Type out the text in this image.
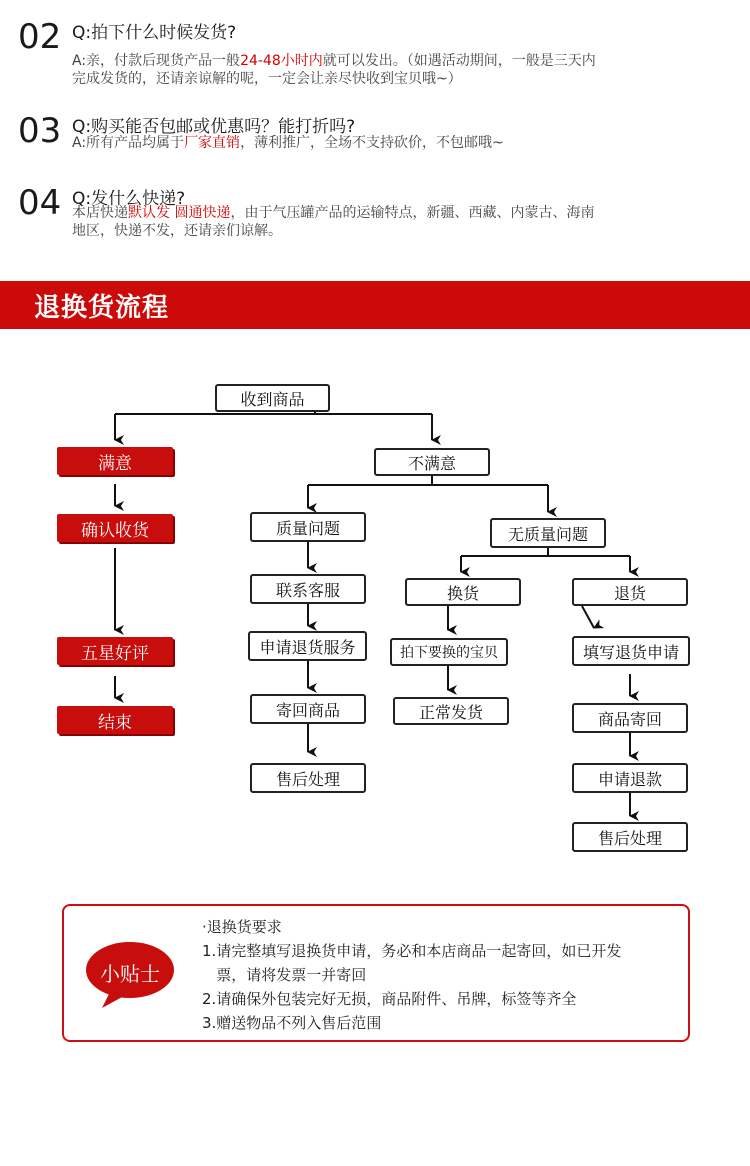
02 Q:拍下什么时候发货?
A:亲，付款后现货产品一般24-48小时内就可以发出。（如遇活动期间，一般是三天内
完成发货的，还请亲谅解的呢，一定会让亲尽快收到宝贝哦~）
03 Q:购买能否包邮或优惠吗？能打折吗?
A:所有产品均属于厂家直销，薄利推广，全场不支持砍价，不包邮哦~
04 Q:发什么快递?
本店快递默认发 圆通快递，由于气压罐产品的运输特点，新疆、西藏、内蒙古、海南
地区，快递不发，还请亲们谅解。
退换货流程
收到商品
满意
确认收货
五星好评
结束
不满意
质量问题
联系客服
申请退货服务
寄回商品
售后处理
无质量问题
换货	退货
拍下要换的宝贝
正常发货
填写退货申请
商品寄回
申请退款
售后处理
小贴士
·退换货要求
1.请完整填写退换货申请，务必和本店商品一起寄回，如已开发
票，请将发票一并寄回
2.请确保外包装完好无损，商品附件、吊牌，标签等齐全
3.赠送物品不列入售后范围
